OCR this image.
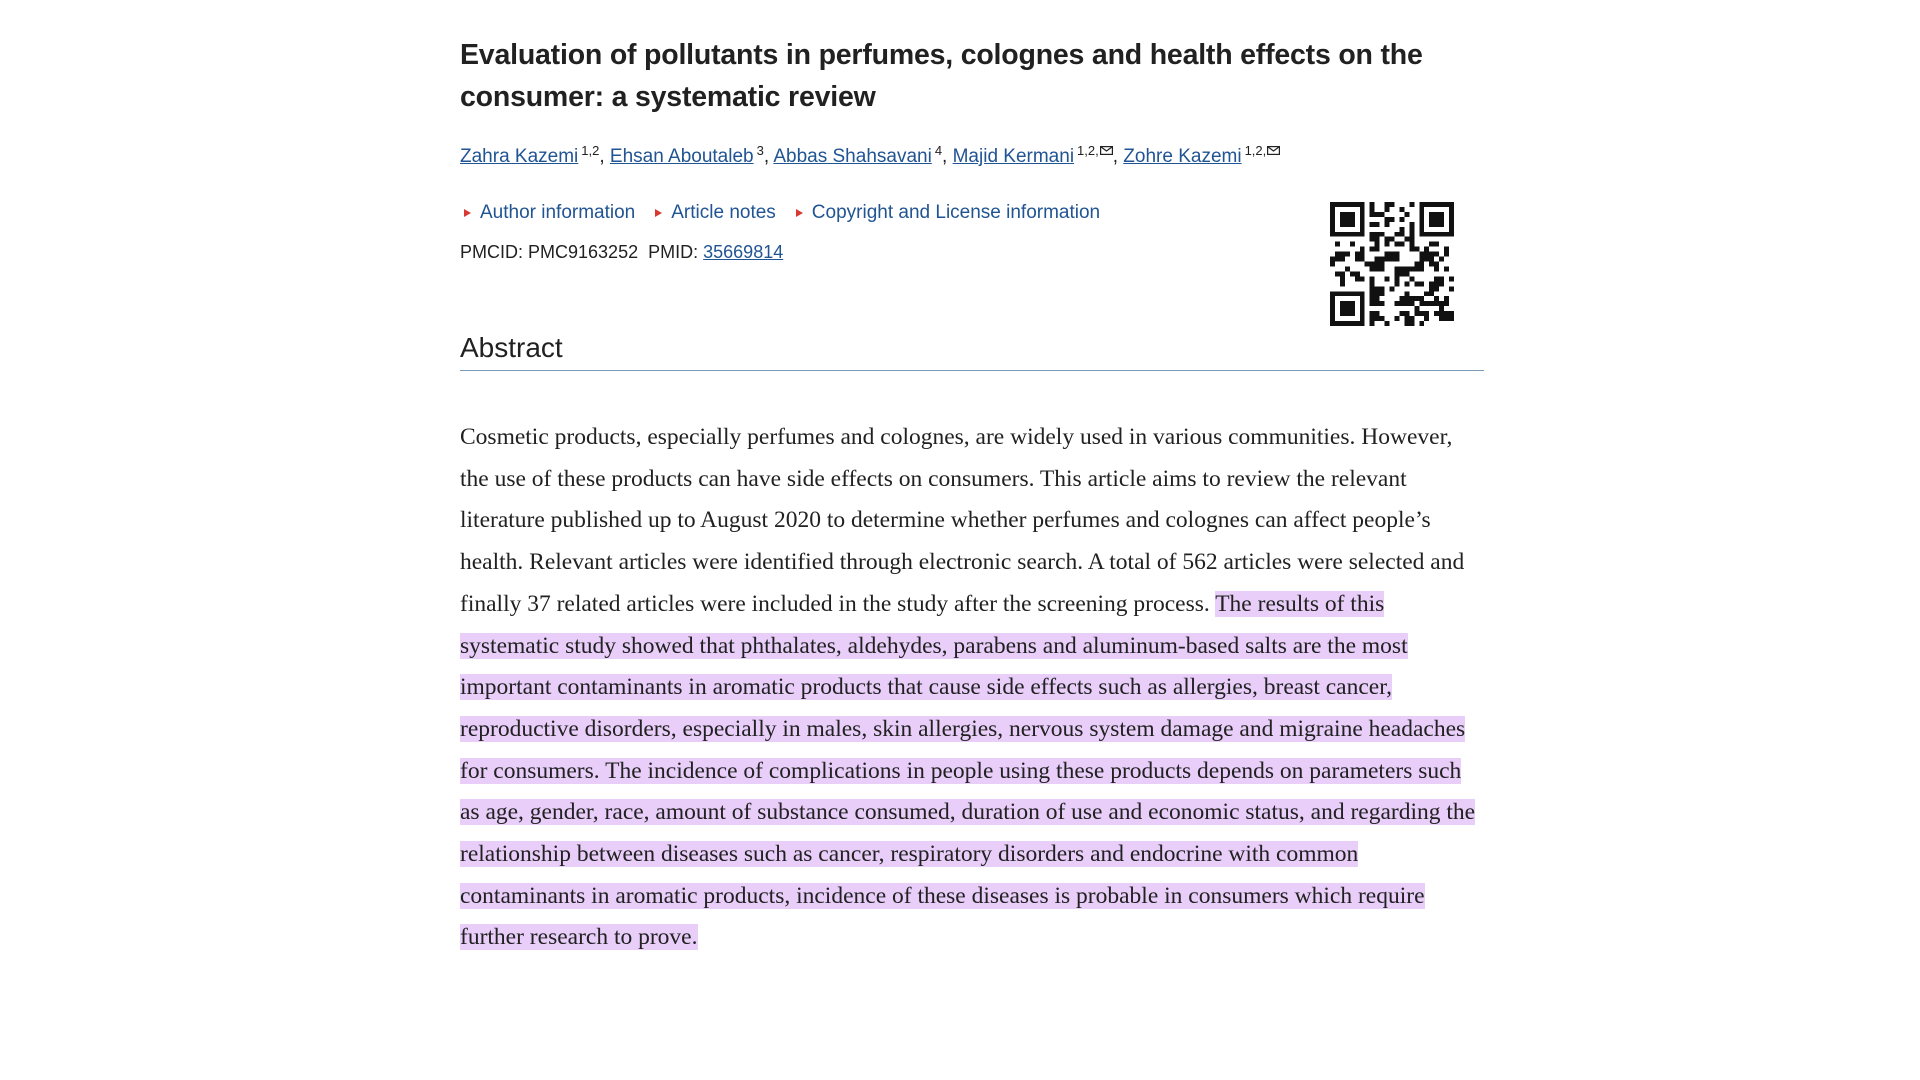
Evaluation of pollutants in perfumes, colognes and health effects on the consumer: a systematic review
Zahra Kazemi $^{1,2}$, Ehsan Aboutaleb $^3$, Abbas Shahsavani $^4$, Majid Kermani $^{1,2,}$ , Zohre Kazemi $^{1,2,}$
Author information Article notes Copyright and License information
PMCID: PMC9163252 PMID: 35669814
Abstract

Cosmetic products, especially perfumes and colognes, are widely used in various communities. However, the use of these products can have side effects on consumers. This article aims to review the relevant literature published up to August 2020 to determine whether perfumes and colognes can affect people’s health. Relevant articles were identified through electronic search. A total of 562 articles were selected and finally 37 related articles were included in the study after the screening process. The results of this systematic study showed that phthalates, aldehydes, parabens and aluminum-based salts are the most important contaminants in aromatic products that cause side effects such as allergies, breast cancer, reproductive disorders, especially in males, skin allergies, nervous system damage and migraine headaches for consumers. The incidence of complications in people using these products depends on parameters such as age, gender, race, amount of substance consumed, duration of use and economic status, and regarding the relationship between diseases such as cancer, respiratory disorders and endocrine with common contaminants in aromatic products, incidence of these diseases is probable in consumers which require further research to prove.
